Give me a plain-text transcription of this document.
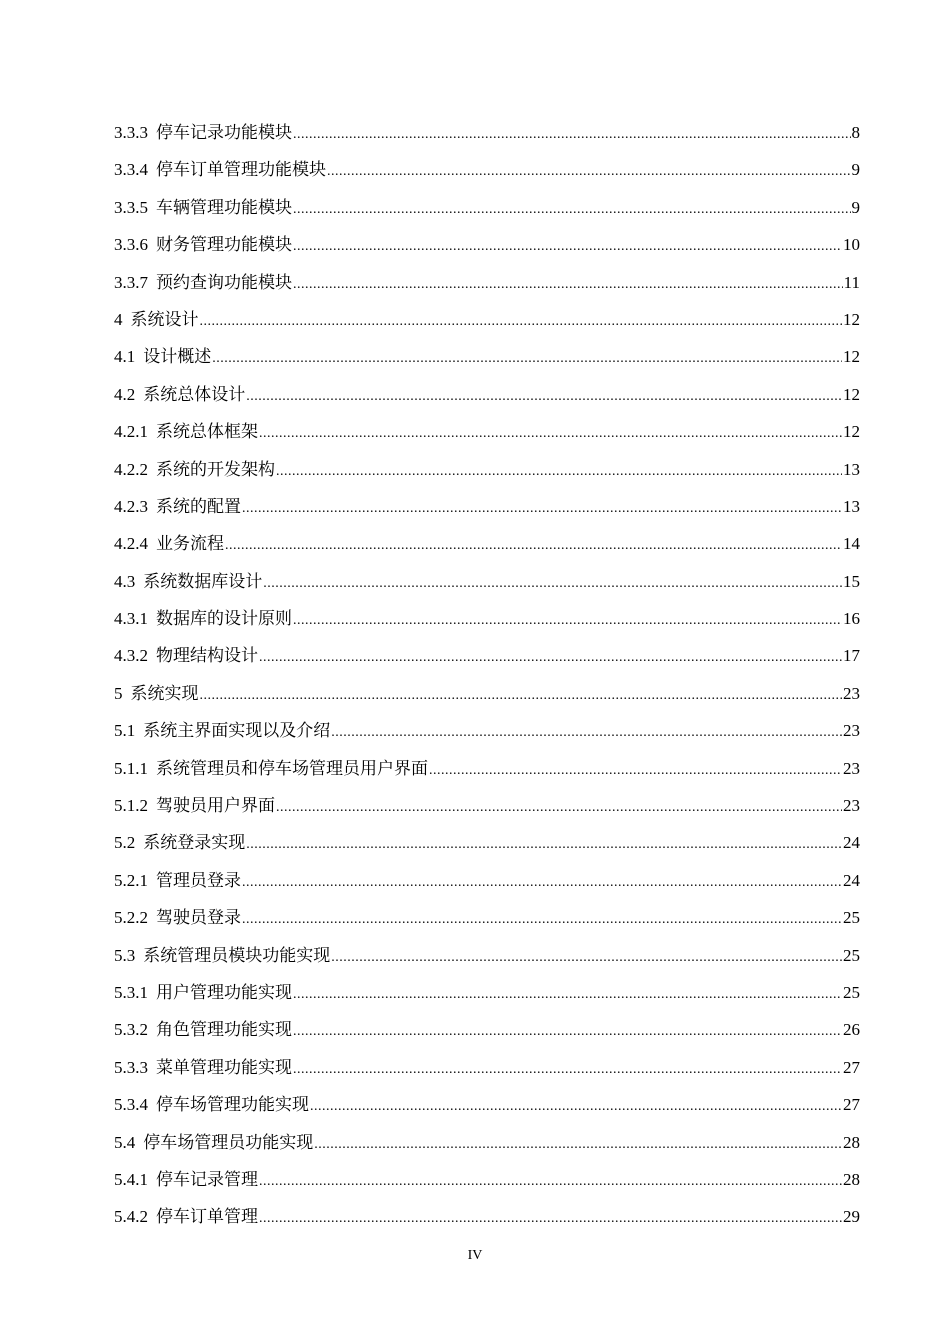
3.3.3 停车记录功能模块 .....	8
3.3.4 停车订单管理功能模块 .....	9
3.3.5 车辆管理功能模块 .....	9
3.3.6 财务管理功能模块 .....	10
3.3.7 预约查询功能模块 .....	11
4 系统设计 .....	12
4.1 设计概述 .....	12
4.2 系统总体设计 .....	12
4.2.1 系统总体框架 .....	12
4.2.2 系统的开发架构 .....	13
4.2.3 系统的配置 .....	13
4.2.4 业务流程 .....	14
4.3 系统数据库设计 .....	15
4.3.1 数据库的设计原则 .....	16
4.3.2 物理结构设计 .....	17
5 系统实现 .....	23
5.1 系统主界面实现以及介绍 .....	23
5.1.1 系统管理员和停车场管理员用户界面 .....	23
5.1.2 驾驶员用户界面 .....	23
5.2 系统登录实现 .....	24
5.2.1 管理员登录 .....	24
5.2.2 驾驶员登录 .....	25
5.3 系统管理员模块功能实现 .....	25
5.3.1 用户管理功能实现 .....	25
5.3.2 角色管理功能实现 .....	26
5.3.3 菜单管理功能实现 .....	27
5.3.4 停车场管理功能实现 .....	27
5.4 停车场管理员功能实现 .....	28
5.4.1 停车记录管理 .....	28
5.4.2 停车订单管理 .....	29
IV
